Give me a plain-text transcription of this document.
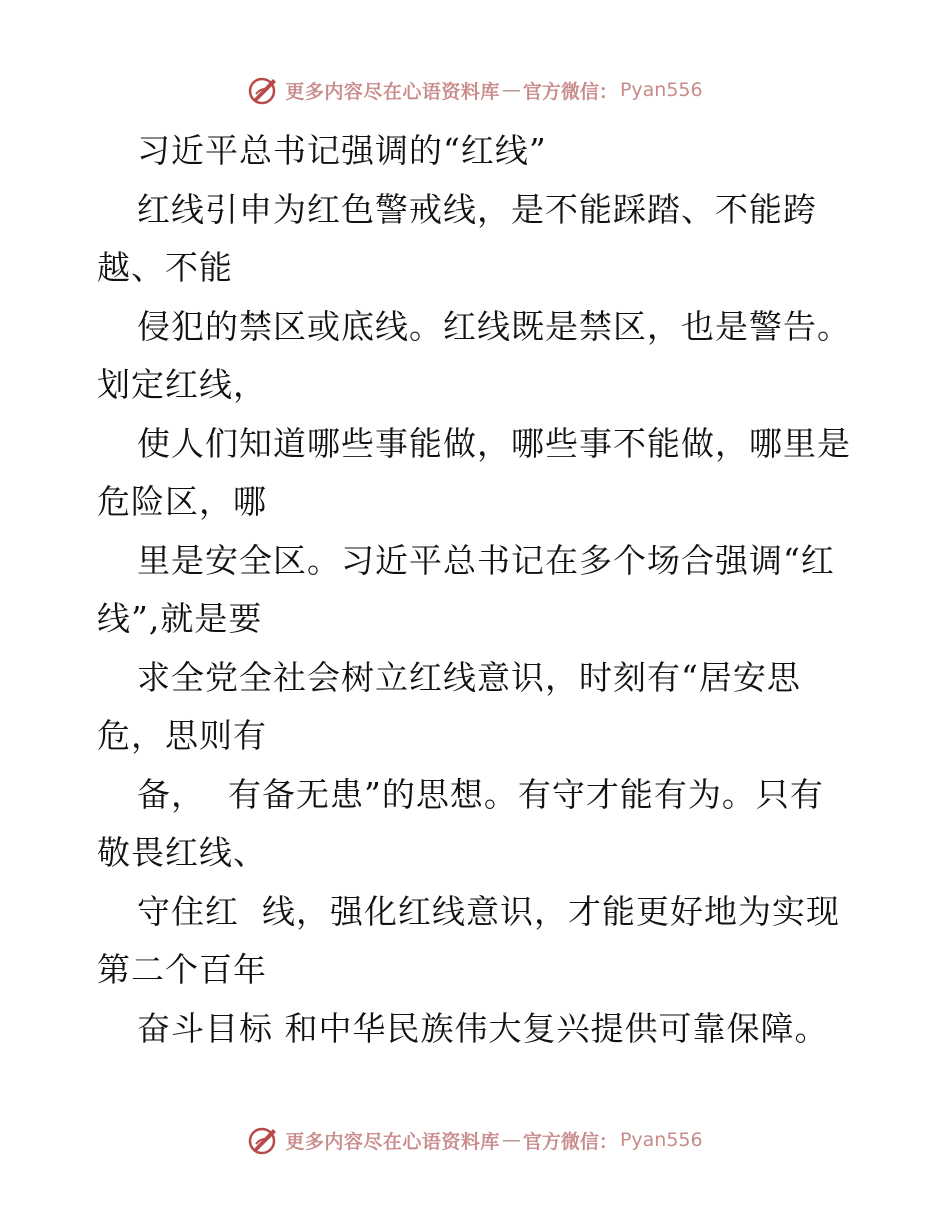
更多内容尽在心语资料库 — 官方微信： Pyan556
习近平总书记强调的“红线”
红线引申为红色警戒线，是不能踩踏、不能跨
越、不能
侵犯的禁区或底线。红线既是禁区，也是警告。
划定红线，
使人们知道哪些事能做，哪些事不能做，哪里是
危险区，哪
里是安全区。习近平总书记在多个场合强调“红
线”,就是要
求全党全社会树立红线意识，时刻有“居安思
危，思则有
备，  有备无患”的思想。有守才能有为。只有
敬畏红线、
守住红  线，强化红线意识，才能更好地为实现
第二个百年
奋斗目标 和中华民族伟大复兴提供可靠保障。
更多内容尽在心语资料库 — 官方微信： Pyan556
